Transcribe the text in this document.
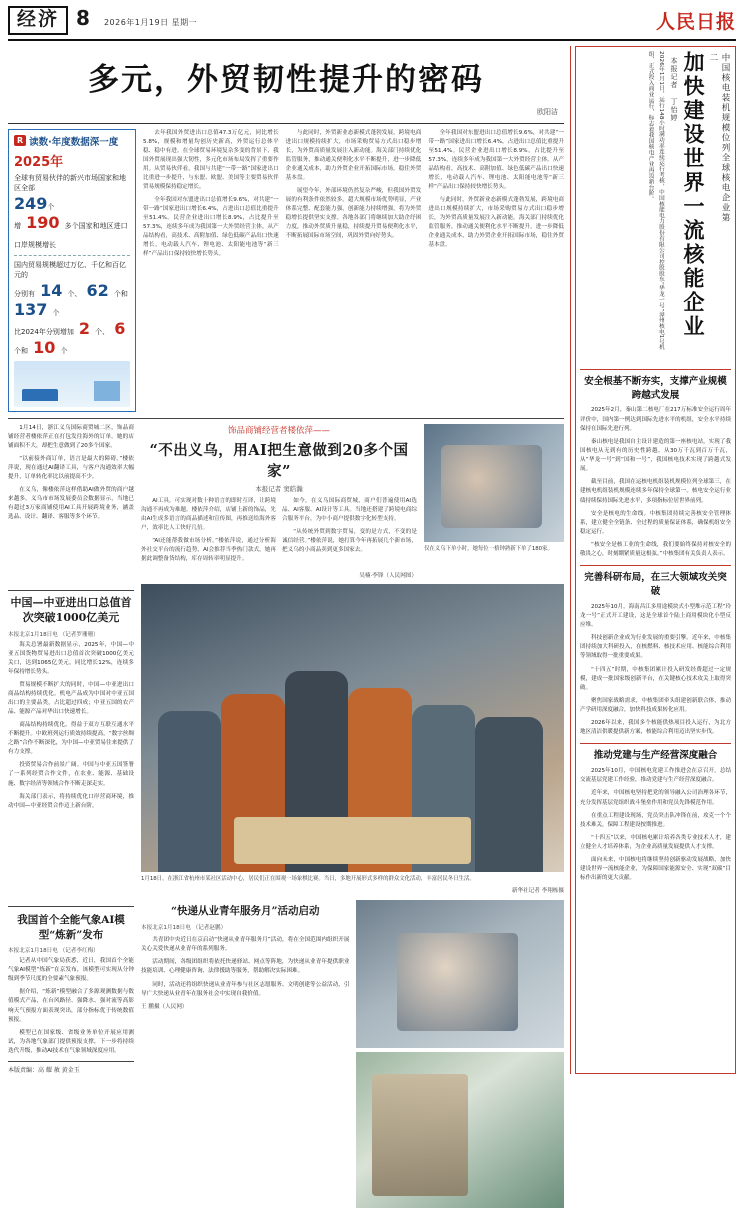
经济 8 2026年1月19日 星期一	人民日报
多元，外贸韧性提升的密码
欧阳洁
R 读数·年度数据深一度
2025年
全球有贸易伙伴的新兴市场国家和地区全部
249个
增 190 多个国家和地区进口口岸规模增长
国内贸易规模超过万亿、千亿和百亿元的
分别有 14 个、 62 个和 137 个
比2024年分别增加 2 个、 6 个和 10 个

去年我国外贸进出口总值47.3万亿元，同比增长5.8%，规模和增量均创历史新高，外贸运行总体平稳、稳中有进。在全球贸易环境复杂多变的背景下，我国外贸展现出强大韧性，多元化市场布局发挥了重要作用。从贸易伙伴看，我国与共建“一带一路”国家进出口比重进一步提升，与东盟、欧盟、美国等主要贸易伙伴贸易规模保持稳定增长。

全年我国对东盟进出口总值增长9.6%，对共建“一带一路”国家进出口增长6.4%，占进出口总值比重提升至51.4%。民营企业进出口增长8.9%，占比提升至57.3%，连续多年成为我国第一大外贸经营主体。从产品结构看，高技术、高附加值、绿色低碳产品出口快速增长，电动载人汽车、锂电池、太阳能电池等“新三样”产品出口保持较快增长势头。

与此同时，外贸新业态新模式蓬勃发展，跨境电商进出口规模持续扩大，市场采购贸易方式出口稳步增长，为外贸高质量发展注入新动能。海关部门持续优化监管服务，推动通关便利化水平不断提升，进一步降低企业通关成本，助力外贸企业开拓国际市场，稳住外贸基本盘。

展望今年，外部环境仍然复杂严峻，但我国外贸发展的有利条件依然较多。超大规模市场优势明显，产业体系完整、配套能力强，创新能力持续增强，将为外贸稳增长提供坚实支撑。各地各部门将继续加大助企纾困力度，推动外贸质升量稳，持续提升贸易便利化水平，不断拓展国际市场空间，巩固外贸向好势头。

全年我国对东盟进出口总值增长9.6%，对共建“一带一路”国家进出口增长6.4%，占进出口总值比重提升至51.4%。民营企业进出口增长8.9%，占比提升至57.3%，连续多年成为我国第一大外贸经营主体。从产品结构看，高技术、高附加值、绿色低碳产品出口快速增长，电动载人汽车、锂电池、太阳能电池等“新三样”产品出口保持较快增长势头。

与此同时，外贸新业态新模式蓬勃发展，跨境电商进出口规模持续扩大，市场采购贸易方式出口稳步增长，为外贸高质量发展注入新动能。海关部门持续优化监管服务，推动通关便利化水平不断提升，进一步降低企业通关成本，助力外贸企业开拓国际市场，稳住外贸基本盘。

1月14日，浙江义乌国际商贸城二区，饰品商铺经营者楼依萍正在打包发往海外的订单。她的店铺面积不大，却把生意做到了20多个国家。

“以前接外商订单，语言是最大的障碍。”楼依萍说，现在通过AI翻译工具，与客户沟通效率大幅提升，订单转化率比以前提高不少。

在义乌，像楼依萍这样借助AI做外贸的商户越来越多。义乌市市场发展委员会数据显示，当地已有超过3万家商铺使用AI工具开展跨境业务，涵盖选品、设计、翻译、客服等多个环节。

饰品商铺经营者楼依萍——
“不出义乌，用AI把生意做到20多个国家”
本报记者 窦皓瀚

AI工具，可实现对数十种语言的即时互译，让跨境沟通不再成为难题。楼依萍介绍，店铺上新的饰品，先由AI生成多语言的商品描述和宣传图，再推送给海外客户，效率比人工快好几倍。

“AI还能帮我做市场分析。”楼依萍说，通过分析海外社交平台的流行趋势，AI会推荐当季热门款式，她再据此调整备货结构，库存周转率明显提升。

如今，在义乌国际商贸城，商户们普遍使用AI选品、AI客服、AI设计等工具。当地还搭建了跨境电商综合服务平台，为中小商户提供数字化转型支持。

“从传统外贸到数字贸易，变的是方式，不变的是诚信经营。”楼依萍说，她打算今年再拓展几个新市场，把义乌的小商品卖到更多国家去。

吴楠·李锋（人民网图）
仅在义乌下单小时，她每位一格钟熟新下单了180家。
中国—中亚进出口总值首次突破1000亿美元
本报北京1月18日电 （记者罗珊珊）

海关总署最新数据显示，2025年，中国—中亚五国货物贸易进出口总值首次突破1000亿美元关口，达到1065亿美元，同比增长12%，连续多年保持增长势头。

贸易规模不断扩大的同时，中国—中亚进出口商品结构持续优化。机电产品成为中国对中亚五国出口的主要品类，占比超过四成；中亚五国的农产品、能源产品对华出口快速增长。

商品结构持续优化，得益于双方互联互通水平不断提升。中欧班列运行质效持续提高，“数字丝绸之路”合作不断深化，为中国—中亚贸易往来提供了有力支撑。

投资贸易合作前景广阔。中国与中亚五国签署了一系列经贸合作文件，在农业、能源、基础设施、数字经济等领域合作不断走深走实。

海关部门表示，将持续优化口岸营商环境，推动中国—中亚经贸合作迈上新台阶。

1月18日，在浙江省杭州市某社区活动中心，居民们正在围观一场象棋比赛。当日，多地开展形式多样的群众文化活动，丰富居民冬日生活。
新华社记者 李翔栋摄
我国首个全能气象AI模型“炼新”发布
本报北京1月18日电 （记者李红梅）

记者从中国气象局获悉，近日，我国首个全能气象AI模型“炼新”在京发布，该模型可实现从分钟级到季节尺度的全要素气象预报。

据介绍，“炼新”模型融合了多源观测数据与数值模式产品，在台风路径、强降水、强对流等高影响天气预报方面表现突出，部分指标优于传统数值预报。

模型已在国家级、省级业务单位开展应用测试，为各地气象部门提供预报支撑，下一步将持续迭代升级，推动AI技术在气象领域深度应用。

本版责编：高 耀 赦 黄金玉
“快递从业青年服务月”活动启动
本报北京1月18日电 （记者赵鹏）

共青团中央近日在京启动“快递从业青年服务月”活动，将在全国范围内组织开展关心关爱快递从业青年的系列服务。

活动期间，各级团组织将依托快递驿站、网点等阵地，为快递从业青年提供职业技能培训、心理健康咨询、法律援助等服务，帮助解决实际困难。

同时，活动还将组织快递从业青年参与社区志愿服务、文明创建等公益活动，引导广大快递从业青年在服务社会中实现自我价值。

王 鹏摄（人民网）
2026年1月1日，运行148小时满功率连续运行考核，中国核能电力股份有限公司控股股东“华龙一号”漳州核电1号机组，正式投入商业运行，标志着我国核电产业再迈新台阶。	本报记者 丁怡婷 加快建设世界一流核能企业	中国核电装机规模位列全球核电企业第二
安全根基不断夯实，支撑产业规模跨越式发展

2025年2月，秦山第二核电厂在217万标准安全运行周年评价中，国内第一例达到国际先进水平的机组，安全水平持续保持在国际先进行列。

秦山核电是我国自主设计建造的第一座核电站，实现了我国核电从无到有的历史性跨越。从30万千瓦到百万千瓦，从“华龙一号”到“国和一号”，我国核电技术实现了跨越式发展。

截至目前，我国在运核电机组装机规模位列全球第三，在建核电机组装机规模连续多年保持全球第一。核电安全运行业绩持续保持国际先进水平，多项指标位居世界前列。

安全是核电的生命线。中核集团持续完善核安全管理体系，建立健全全链条、全过程的质量保证体系，确保机组安全稳定运行。

“核安全是核工业的生命线，我们要始终保持对核安全的敬畏之心，时刻绷紧质量这根弦。”中核集团有关负责人表示。

完善科研布局，在三大领域攻关突破

2025年10月，海南昌江多用途模块式小型堆示范工程“玲龙一号”正式开工建设，这是全球首个陆上商用模块化小型反应堆。

科技创新企业成为行业发展的重要引擎。近年来，中核集团持续加大科研投入，在核燃料、核技术应用、核能综合利用等领域取得一批重要成果。

“十四五”时期，中核集团累计投入研发经费超过一定规模，建成一批国家级创新平台，在关键核心技术攻关上取得突破。

聚焦国家战略需求，中核集团牵头组建创新联合体，推动产学研用深度融合，加快科技成果转化应用。

2026年以来，我国多个核能供热项目投入运行，为北方地区清洁供暖提供新方案，核能综合利用迈出坚实步伐。

推动党建与生产经营深度融合

2025年10月，中国核电党建工作推进会在京召开，总结交流基层党建工作经验，推动党建与生产经营深度融合。

近年来，中国核电坚持把党的领导融入公司治理各环节，充分发挥基层党组织战斗堡垒作用和党员先锋模范作用。

在重点工程建设现场，党员突击队冲锋在前，攻克一个个技术难关，保障工程建设按期推进。

“十四五”以来，中国核电累计培养各类专业技术人才，建立健全人才培养体系，为企业高质量发展提供人才支撑。

面向未来，中国核电将继续坚持创新驱动发展战略，加快建设世界一流核能企业，为保障国家能源安全、实现“双碳”目标作出新的更大贡献。
